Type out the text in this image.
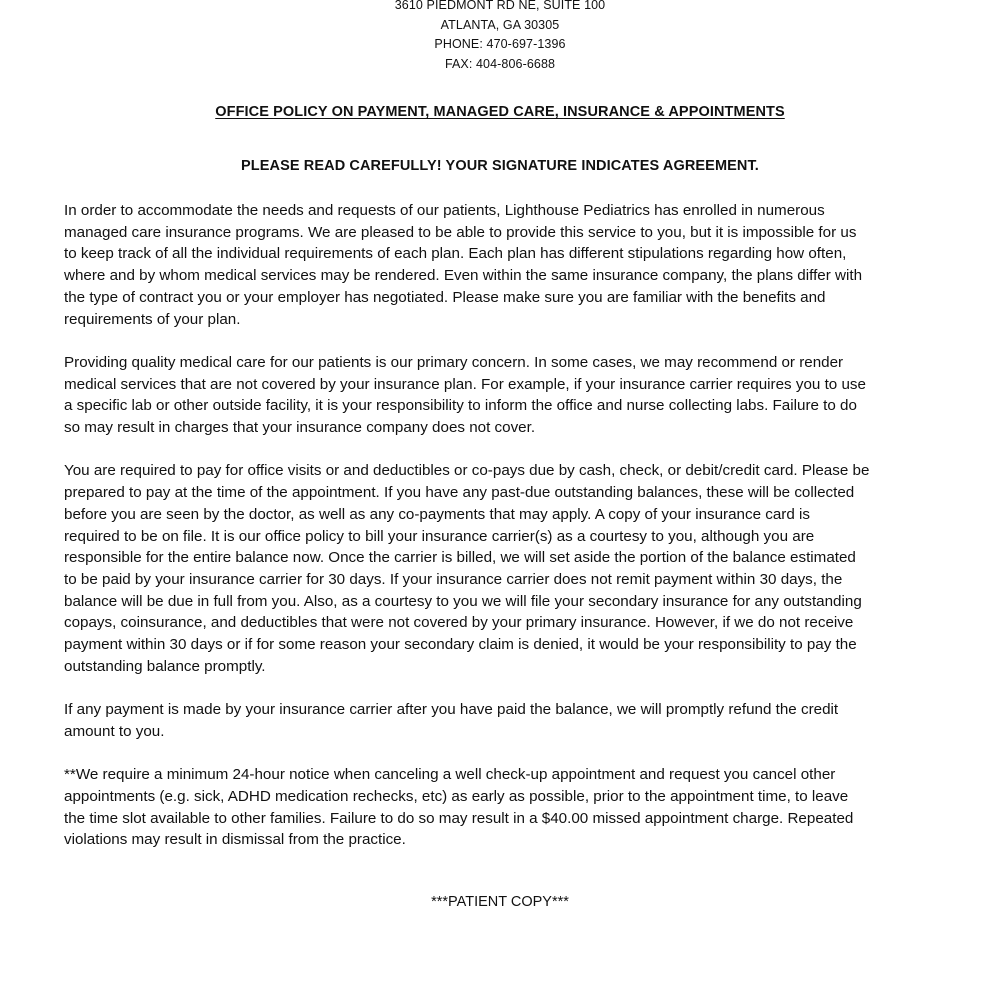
3610 PIEDMONT RD NE, SUITE 100
ATLANTA, GA 30305
PHONE: 470-697-1396
FAX: 404-806-6688
OFFICE POLICY ON PAYMENT, MANAGED CARE, INSURANCE & APPOINTMENTS
PLEASE READ CAREFULLY! YOUR SIGNATURE INDICATES AGREEMENT.

In order to accommodate the needs and requests of our patients, Lighthouse Pediatrics has enrolled in numerous
managed care insurance programs. We are pleased to be able to provide this service to you, but it is impossible for us
to keep track of all the individual requirements of each plan. Each plan has different stipulations regarding how often,
where and by whom medical services may be rendered. Even within the same insurance company, the plans differ with
the type of contract you or your employer has negotiated. Please make sure you are familiar with the benefits and
requirements of your plan.

Providing quality medical care for our patients is our primary concern. In some cases, we may recommend or render
medical services that are not covered by your insurance plan. For example, if your insurance carrier requires you to use
a specific lab or other outside facility, it is your responsibility to inform the office and nurse collecting labs. Failure to do
so may result in charges that your insurance company does not cover.

You are required to pay for office visits or and deductibles or co-pays due by cash, check, or debit/credit card. Please be
prepared to pay at the time of the appointment. If you have any past-due outstanding balances, these will be collected
before you are seen by the doctor, as well as any co-payments that may apply. A copy of your insurance card is
required to be on file. It is our office policy to bill your insurance carrier(s) as a courtesy to you, although you are
responsible for the entire balance now. Once the carrier is billed, we will set aside the portion of the balance estimated
to be paid by your insurance carrier for 30 days. If your insurance carrier does not remit payment within 30 days, the
balance will be due in full from you. Also, as a courtesy to you we will file your secondary insurance for any outstanding
copays, coinsurance, and deductibles that were not covered by your primary insurance. However, if we do not receive
payment within 30 days or if for some reason your secondary claim is denied, it would be your responsibility to pay the
outstanding balance promptly.

If any payment is made by your insurance carrier after you have paid the balance, we will promptly refund the credit
amount to you.

**We require a minimum 24-hour notice when canceling a well check-up appointment and request you cancel other
appointments (e.g. sick, ADHD medication rechecks, etc) as early as possible, prior to the appointment time, to leave
the time slot available to other families. Failure to do so may result in a $40.00 missed appointment charge. Repeated
violations may result in dismissal from the practice.

***PATIENT COPY***
